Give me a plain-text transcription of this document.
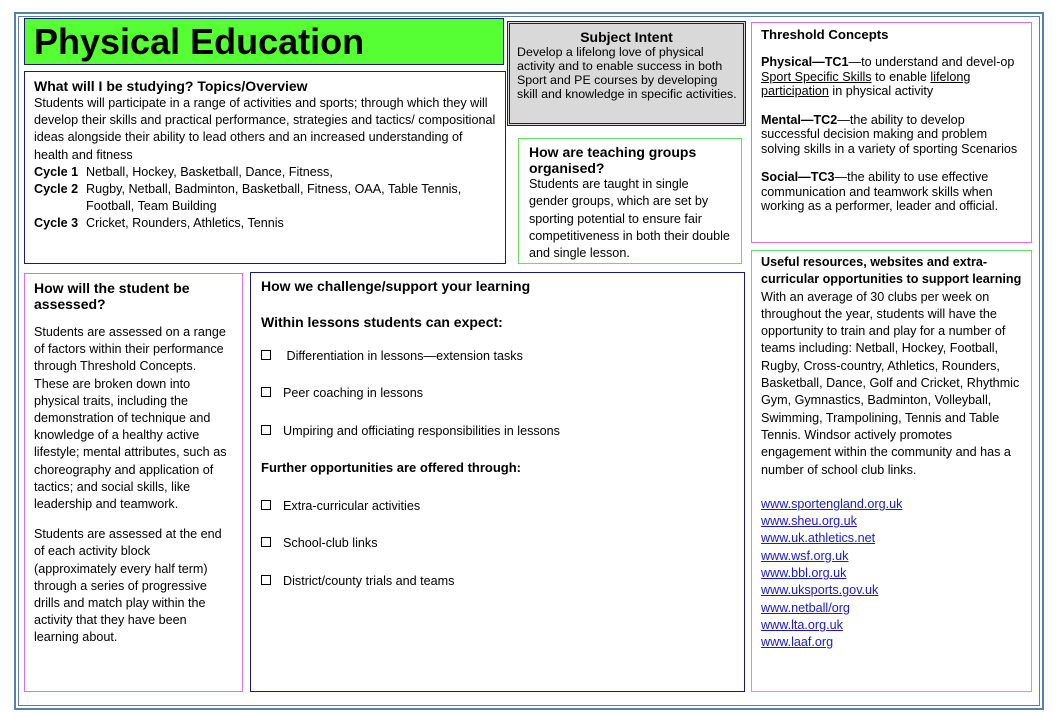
Physical Education	Subject Intent
Develop a lifelong love of physical activity and to enable success in both Sport and PE courses by developing skill and knowledge in specific activities.
What will I be studying? Topics/Overview
Students will participate in a range of activities and sports; through which they will develop their skills and practical performance, strategies and tactics/ compositional ideas alongside their ability to lead others and an increased understanding of health and fitness
Cycle 1 Netball, Hockey, Basketball, Dance, Fitness,
Cycle 2 Rugby, Netball, Badminton, Basketball, Fitness, OAA, Table Tennis,
Football, Team Building
Cycle 3 Cricket, Rounders, Athletics, Tennis
How are teaching groups organised?
Students are taught in single gender groups, which are set by sporting potential to ensure fair competitiveness in both their double and single lesson.
Threshold Concepts

Physical—TC1—to understand and devel-op Sport Specific Skills to enable lifelong participation in physical activity

Mental—TC2—the ability to develop successful decision making and problem solving skills in a variety of sporting Scenarios

Social—TC3—the ability to use effective communication and teamwork skills when working as a performer, leader and official.

How will the student be assessed?

Students are assessed on a range of factors within their performance through Threshold Concepts. These are broken down into physical traits, including the demonstration of technique and knowledge of a healthy active lifestyle; mental attributes, such as choreography and application of tactics; and social skills, like leadership and teamwork.

Students are assessed at the end of each activity block (approximately every half term) through a series of progressive drills and match play within the activity that they have been learning about.

How we challenge/support your learning
Within lessons students can expect:
Differentiation in lessons—extension tasks
Peer coaching in lessons
Umpiring and officiating responsibilities in lessons
Further opportunities are offered through:
Extra-curricular activities
School-club links
District/county trials and teams
Useful resources, websites and extra-curricular opportunities to support learning

With an average of 30 clubs per week on throughout the year, students will have the opportunity to train and play for a number of teams including: Netball, Hockey, Football, Rugby, Cross-country, Athletics, Rounders, Basketball, Dance, Golf and Cricket, Rhythmic Gym, Gymnastics, Badminton, Volleyball, Swimming, Trampolining, Tennis and Table Tennis. Windsor actively promotes engagement within the community and has a number of school club links.

www.sportengland.org.uk
www.sheu.org.uk
www.uk.athletics.net
www.wsf.org.uk
www.bbl.org.uk
www.uksports.gov.uk
www.netball/org
www.lta.org.uk
www.laaf.org
